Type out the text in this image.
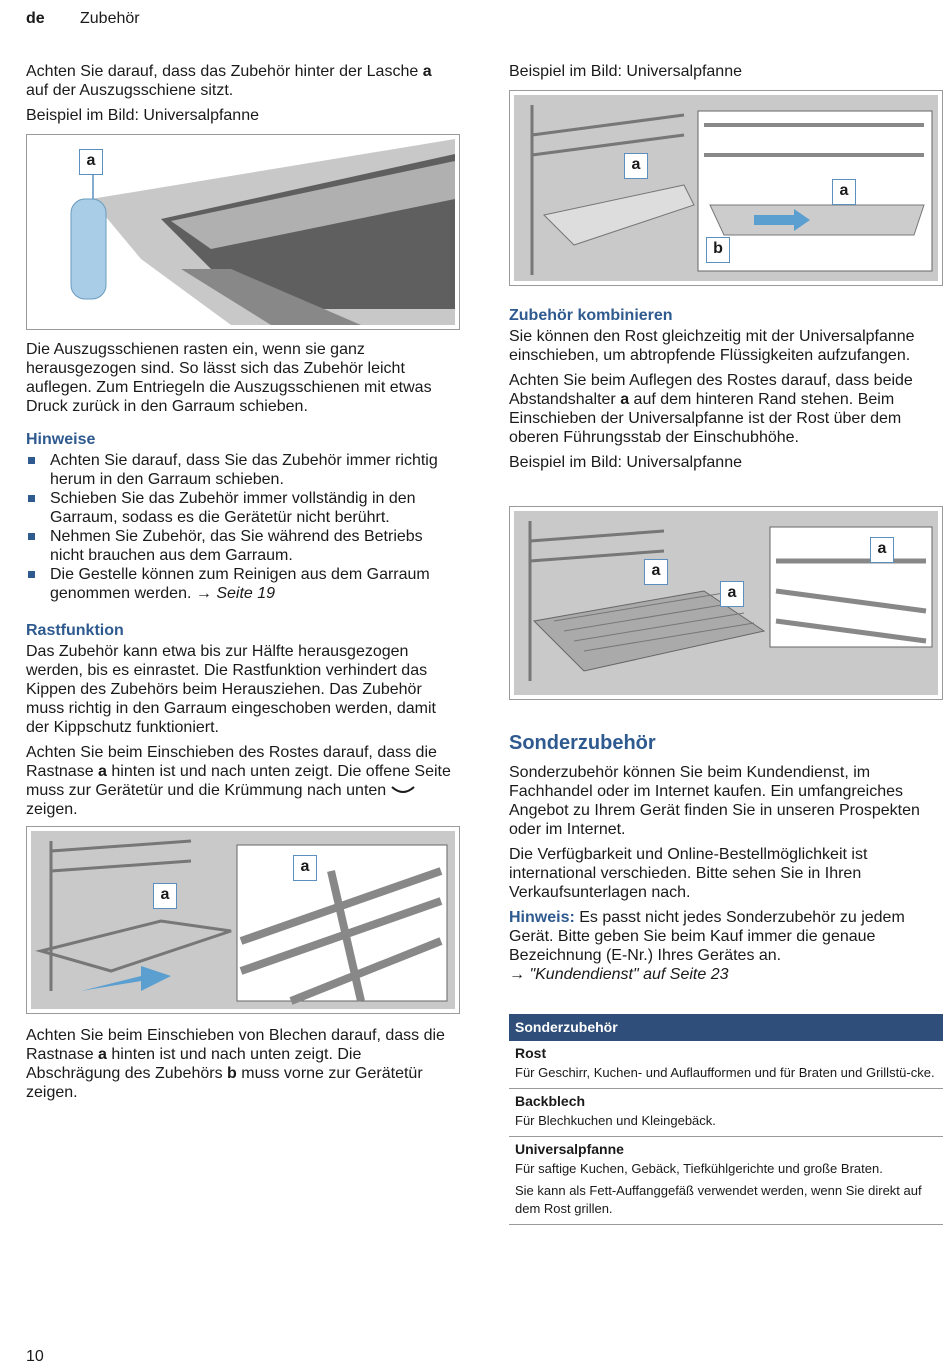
de Zubehör

Achten Sie darauf, dass das Zubehör hinter der Lasche a auf der Auszugsschiene sitzt.

Beispiel im Bild: Universalpfanne

a

Die Auszugsschienen rasten ein, wenn sie ganz herausgezogen sind. So lässt sich das Zubehör leicht auflegen. Zum Entriegeln die Auszugsschienen mit etwas Druck zurück in den Garraum schieben.

Hinweise
Achten Sie darauf, dass Sie das Zubehör immer richtig herum in den Garraum schieben.
Schieben Sie das Zubehör immer vollständig in den Garraum, sodass es die Gerätetür nicht berührt.
Nehmen Sie Zubehör, das Sie während des Betriebs nicht brauchen aus dem Garraum.
Die Gestelle können zum Reinigen aus dem Garraum genommen werden. → Seite 19
Rastfunktion

Das Zubehör kann etwa bis zur Hälfte herausgezogen werden, bis es einrastet. Die Rastfunktion verhindert das Kippen des Zubehörs beim Herausziehen. Das Zubehör muss richtig in den Garraum eingeschoben werden, damit der Kippschutz funktioniert.

Achten Sie beim Einschieben des Rostes darauf, dass die Rastnase a hinten ist und nach unten zeigt. Die offene Seite muss zur Gerätetür und die Krümmung nach unten  zeigen.

a
a

Achten Sie beim Einschieben von Blechen darauf, dass die Rastnase a hinten ist und nach unten zeigt. Die Abschrägung des Zubehörs b muss vorne zur Gerätetür zeigen.

Beispiel im Bild: Universalpfanne

a
a
b
Zubehör kombinieren

Sie können den Rost gleichzeitig mit der Universalpfanne einschieben, um abtropfende Flüssigkeiten aufzufangen.

Achten Sie beim Auflegen des Rostes darauf, dass beide Abstandshalter a auf dem hinteren Rand stehen. Beim Einschieben der Universalpfanne ist der Rost über dem oberen Führungsstab der Einschubhöhe.

Beispiel im Bild: Universalpfanne

a
a
a
Sonderzubehör

Sonderzubehör können Sie beim Kundendienst, im Fachhandel oder im Internet kaufen. Ein umfangreiches Angebot zu Ihrem Gerät finden Sie in unseren Prospekten oder im Internet.

Die Verfügbarkeit und Online-Bestellmöglichkeit ist international verschieden. Bitte sehen Sie in Ihren Verkaufsunterlagen nach.

Hinweis: Es passt nicht jedes Sonderzubehör zu jedem Gerät. Bitte geben Sie beim Kauf immer die genaue Bezeichnung (E-Nr.) Ihres Gerätes an.
→ "Kundendienst" auf Seite 23

Sonderzubehör

Rost
Für Geschirr, Kuchen- und Auflaufformen und für Braten und Grillstü-cke.

Backblech
Für Blechkuchen und Kleingebäck.

Universalpfanne
Für saftige Kuchen, Gebäck, Tiefkühlgerichte und große Braten.
Sie kann als Fett-Auffanggefäß verwendet werden, wenn Sie direkt auf dem Rost grillen.
10
